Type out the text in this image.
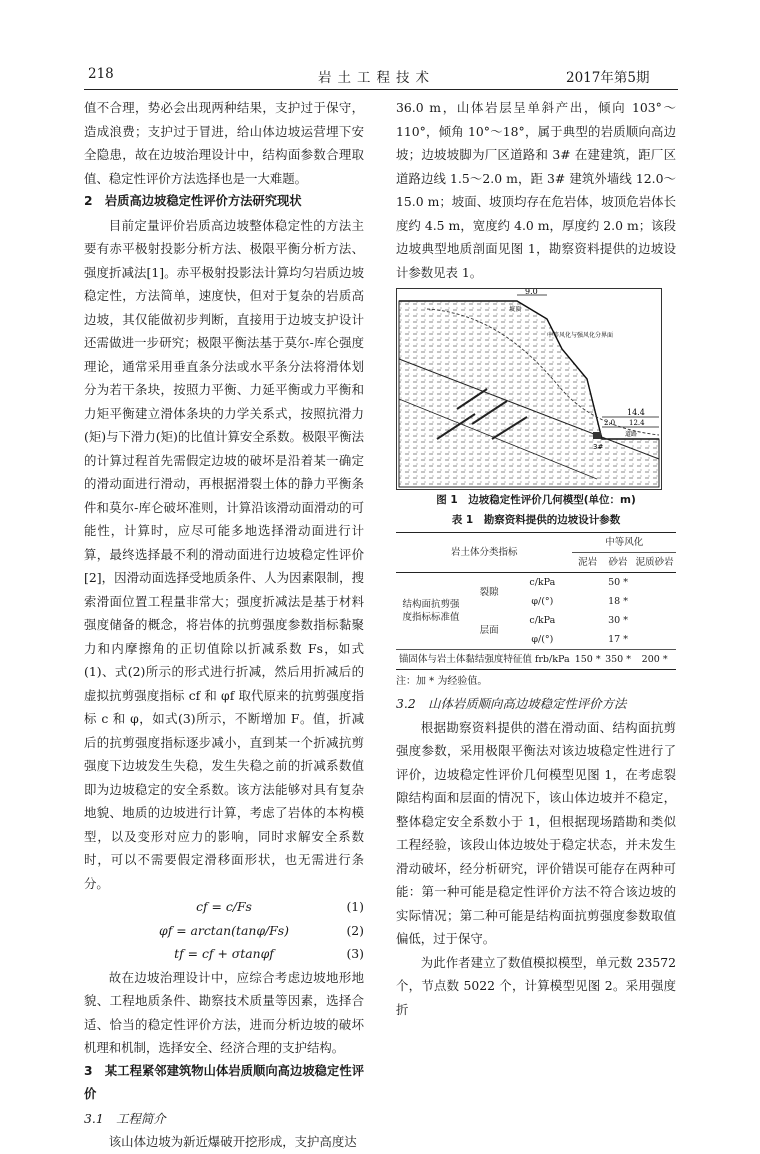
218	岩土工程技术	2017年第5期

值不合理，势必会出现两种结果，支护过于保守，造成浪费；支护过于冒进，给山体边坡运营埋下安全隐患，故在边坡治理设计中，结构面参数合理取值、稳定性评价方法选择也是一大难题。

2　岩质高边坡稳定性评价方法研究现状

目前定量评价岩质高边坡整体稳定性的方法主要有赤平极射投影分析方法、极限平衡分析方法、强度折减法[1]。赤平极射投影法计算均匀岩质边坡稳定性，方法简单，速度快，但对于复杂的岩质高边坡，其仅能做初步判断，直接用于边坡支护设计还需做进一步研究；极限平衡法基于莫尔-库仑强度理论，通常采用垂直条分法或水平条分法将滑体划分为若干条块，按照力平衡、力延平衡或力平衡和力矩平衡建立滑体条块的力学关系式，按照抗滑力(矩)与下滑力(矩)的比值计算安全系数。极限平衡法的计算过程首先需假定边坡的破坏是沿着某一确定的滑动面进行滑动，再根据滑裂土体的静力平衡条件和莫尔-库仑破坏准则，计算沿该滑动面滑动的可能性，计算时，应尽可能多地选择滑动面进行计算，最终选择最不利的滑动面进行边坡稳定性评价[2]，因滑动面选择受地质条件、人为因素限制，搜索滑面位置工程量非常大；强度折减法是基于材料强度储备的概念，将岩体的抗剪强度参数指标黏聚力和内摩擦角的正切值除以折减系数 Fs，如式(1)、式(2)所示的形式进行折减，然后用折减后的虚拟抗剪强度指标 cf 和 φf 取代原来的抗剪强度指标 c 和 φ，如式(3)所示，不断增加 F。值，折减后的抗剪强度指标逐步减小，直到某一个折减抗剪强度下边坡发生失稳，发生失稳之前的折减系数值即为边坡稳定的安全系数。该方法能够对具有复杂地貌、地质的边坡进行计算，考虑了岩体的本构模型，以及变形对应力的影响，同时求解安全系数时，可以不需要假定滑移面形状，也无需进行条分。

cf = c/Fs	(1)
φf = arctan(tanφ/Fs)	(2)
tf = cf + σtanφf	(3)

故在边坡治理设计中，应综合考虑边坡地形地貌、工程地质条件、勘察技术质量等因素，选择合适、恰当的稳定性评价方法，进而分析边坡的破坏机理和机制，选择安全、经济合理的支护结构。

3　某工程紧邻建筑物山体岩质顺向高边坡稳定性评价

3.1　工程简介

该山体边坡为新近爆破开挖形成，支护高度达

36.0 m，山体岩层呈单斜产出，倾向 103°～110°，倾角 10°～18°，属于典型的岩质顺向高边坡；边坡坡脚为厂区道路和 3# 在建建筑，距厂区道路边线 1.5～2.0 m，距 3# 建筑外墙线 12.0～15.0 m；坡面、坡顶均存在危岩体，坡顶危岩体长度约 4.5 m，宽度约 4.0 m，厚度约 2.0 m；该段边坡典型地质剖面见图 1，勘察资料提供的边坡设计参数见表 1。

9.0
坡顶
中等风化与强风化分界面
14.4
2.0 12.4
3#
道路
图 1　边坡稳定性评价几何模型(单位：m)
表 1　勘察资料提供的边坡设计参数
岩土体分类指标			中等风化		
			泥岩	砂岩	泥质砂岩
结构面抗剪强度指标标准值	裂隙	c/kPa		50 *	
		φ/(°)		18 *	
	层面	c/kPa		30 *	
		φ/(°)		17 *	
锚固体与岩土体黏结强度特征值 frb/kPa			150 *	350 *	200 *
注：加 * 为经验值。

3.2　山体岩质顺向高边坡稳定性评价方法

根据勘察资料提供的潜在滑动面、结构面抗剪强度参数，采用极限平衡法对该边坡稳定性进行了评价，边坡稳定性评价几何模型见图 1，在考虑裂隙结构面和层面的情况下，该山体边坡并不稳定，整体稳定安全系数小于 1，但根据现场踏勘和类似工程经验，该段山体边坡处于稳定状态，并未发生滑动破坏，经分析研究，评价错误可能存在两种可能：第一种可能是稳定性评价方法不符合该边坡的实际情况；第二种可能是结构面抗剪强度参数取值偏低，过于保守。

为此作者建立了数值模拟模型，单元数 23572 个，节点数 5022 个，计算模型见图 2。采用强度折
